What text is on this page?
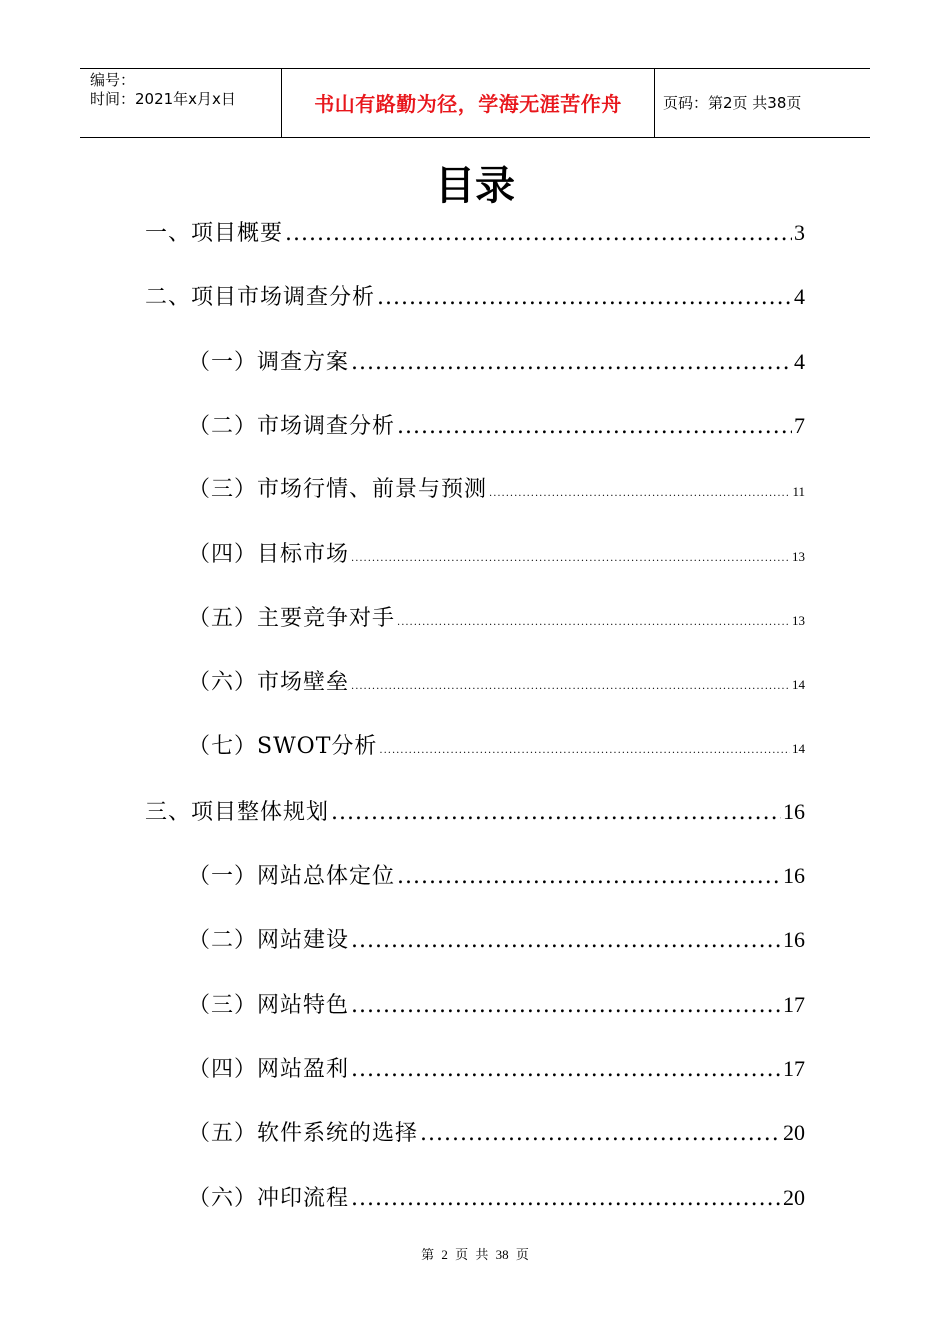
编号：
时间：2021年x月x日	书山有路勤为径，学海无涯苦作舟	页码：第2页 共38页
目录
一、项目概要 .....	3
二、项目市场调查分析 .....	4
（一）调查方案 .....	4
（二）市场调查分析 .....	7
（三）市场行情、前景与预测 .....	11
（四）目标市场 .....	13
（五）主要竞争对手 .....	13
（六）市场壁垒 .....	14
（七）SWOT分析 .....	14
三、项目整体规划 .....	16
（一）网站总体定位 .....	16
（二）网站建设 .....	16
（三）网站特色 .....	17
（四）网站盈利 .....	17
（五）软件系统的选择 .....	20
（六）冲印流程 .....	20
第 2 页 共 38 页
